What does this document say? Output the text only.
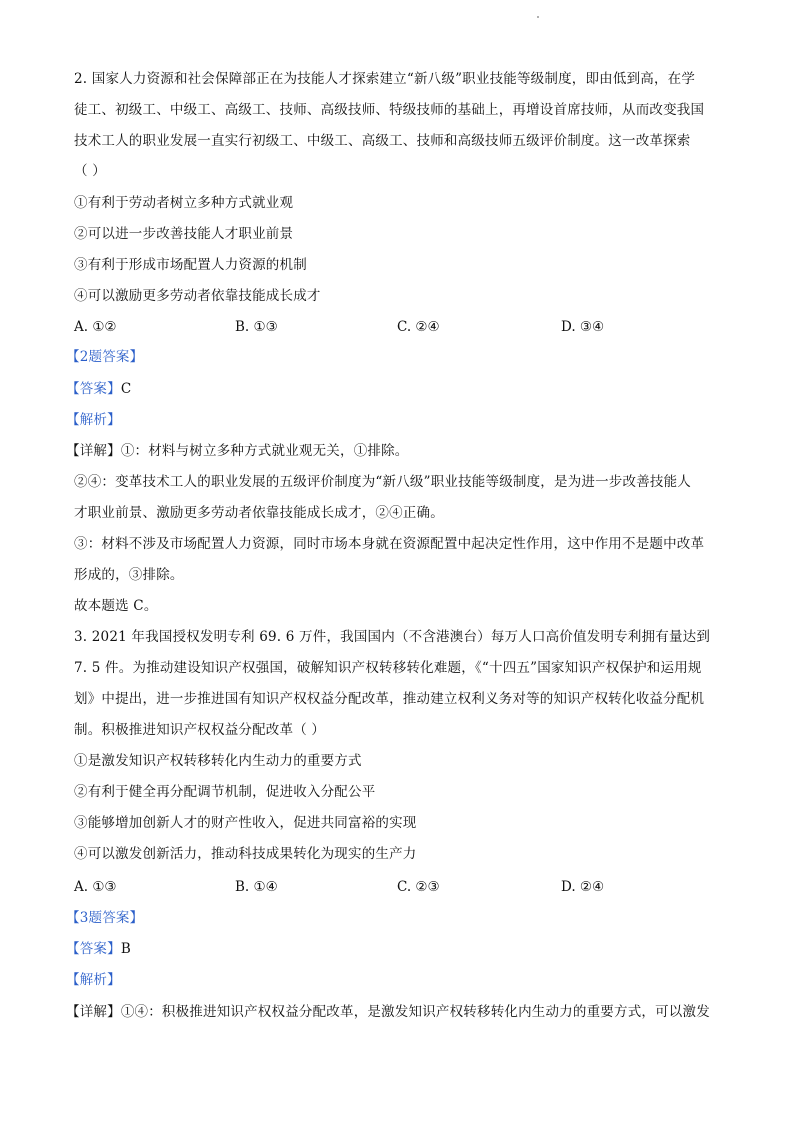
2. 国家人力资源和社会保障部正在为技能人才探索建立“新八级”职业技能等级制度，即由低到高，在学
徒工、初级工、中级工、高级工、技师、高级技师、特级技师的基础上，再增设首席技师，从而改变我国
技术工人的职业发展一直实行初级工、中级工、高级工、技师和高级技师五级评价制度。这一改革探索
（ ）
①有利于劳动者树立多种方式就业观
②可以进一步改善技能人才职业前景
③有利于形成市场配置人力资源的机制
④可以激励更多劳动者依靠技能成长成才
A. ①②	B. ①③	C. ②④	D. ③④
【2题答案】
【答案】C
【解析】
【详解】①：材料与树立多种方式就业观无关，①排除。
②④：变革技术工人的职业发展的五级评价制度为“新八级”职业技能等级制度，是为进一步改善技能人
才职业前景、激励更多劳动者依靠技能成长成才，②④正确。
③：材料不涉及市场配置人力资源，同时市场本身就在资源配置中起决定性作用，这中作用不是题中改革
形成的，③排除。
故本题选 C。
3. 2021 年我国授权发明专利 69. 6 万件，我国国内（不含港澳台）每万人口高价值发明专利拥有量达到
7. 5 件。为推动建设知识产权强国，破解知识产权转移转化难题，《“十四五”国家知识产权保护和运用规
划》中提出，进一步推进国有知识产权权益分配改革，推动建立权利义务对等的知识产权转化收益分配机
制。积极推进知识产权权益分配改革（ ）
①是激发知识产权转移转化内生动力的重要方式
②有利于健全再分配调节机制，促进收入分配公平
③能够增加创新人才的财产性收入，促进共同富裕的实现
④可以激发创新活力，推动科技成果转化为现实的生产力
A. ①③	B. ①④	C. ②③	D. ②④
【3题答案】
【答案】B
【解析】
【详解】①④：积极推进知识产权权益分配改革，是激发知识产权转移转化内生动力的重要方式，可以激发
